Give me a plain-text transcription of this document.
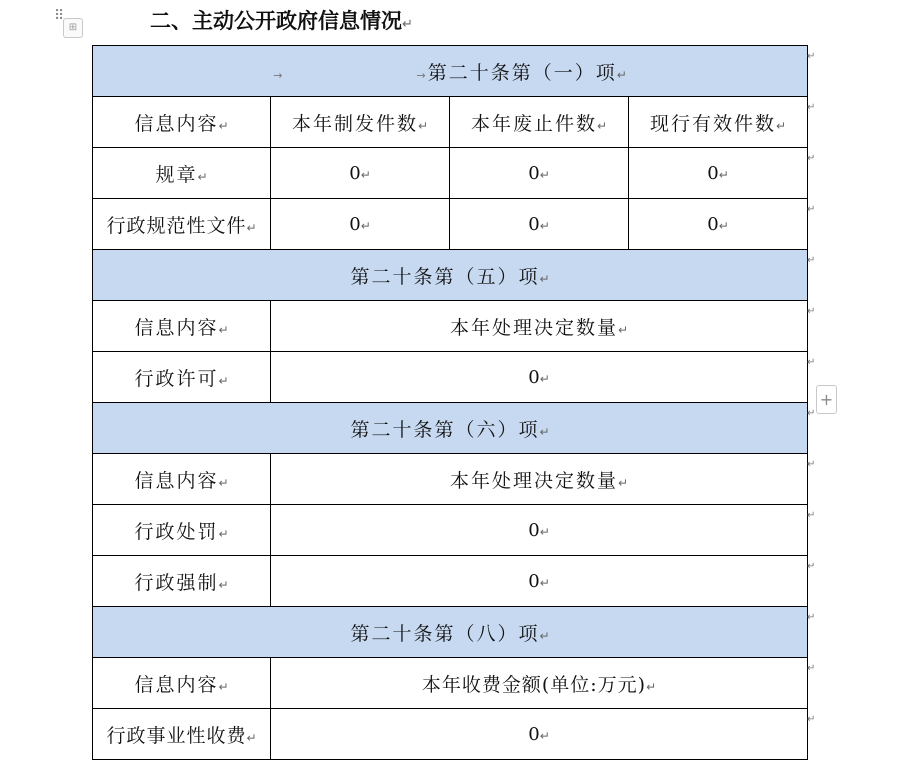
⠿
⊞	二、主动公开政府信息情况↵
→ →第二十条第（一）项↵			
信息内容↵	本年制发件数↵	本年废止件数↵	现行有效件数↵
规章↵	0↵	0↵	0↵
行政规范性文件↵	0↵	0↵	0↵
第二十条第（五）项↵			
信息内容↵	本年处理决定数量↵		
行政许可↵	0↵		
第二十条第（六）项↵			
信息内容↵	本年处理决定数量↵		
行政处罚↵	0↵		
行政强制↵	0↵		
第二十条第（八）项↵			
信息内容↵	本年收费金额(单位:万元)↵		
行政事业性收费↵	0↵		
↵
↵
↵
↵
↵
↵
↵
↵
↵
↵
↵
↵
↵
↵
+
